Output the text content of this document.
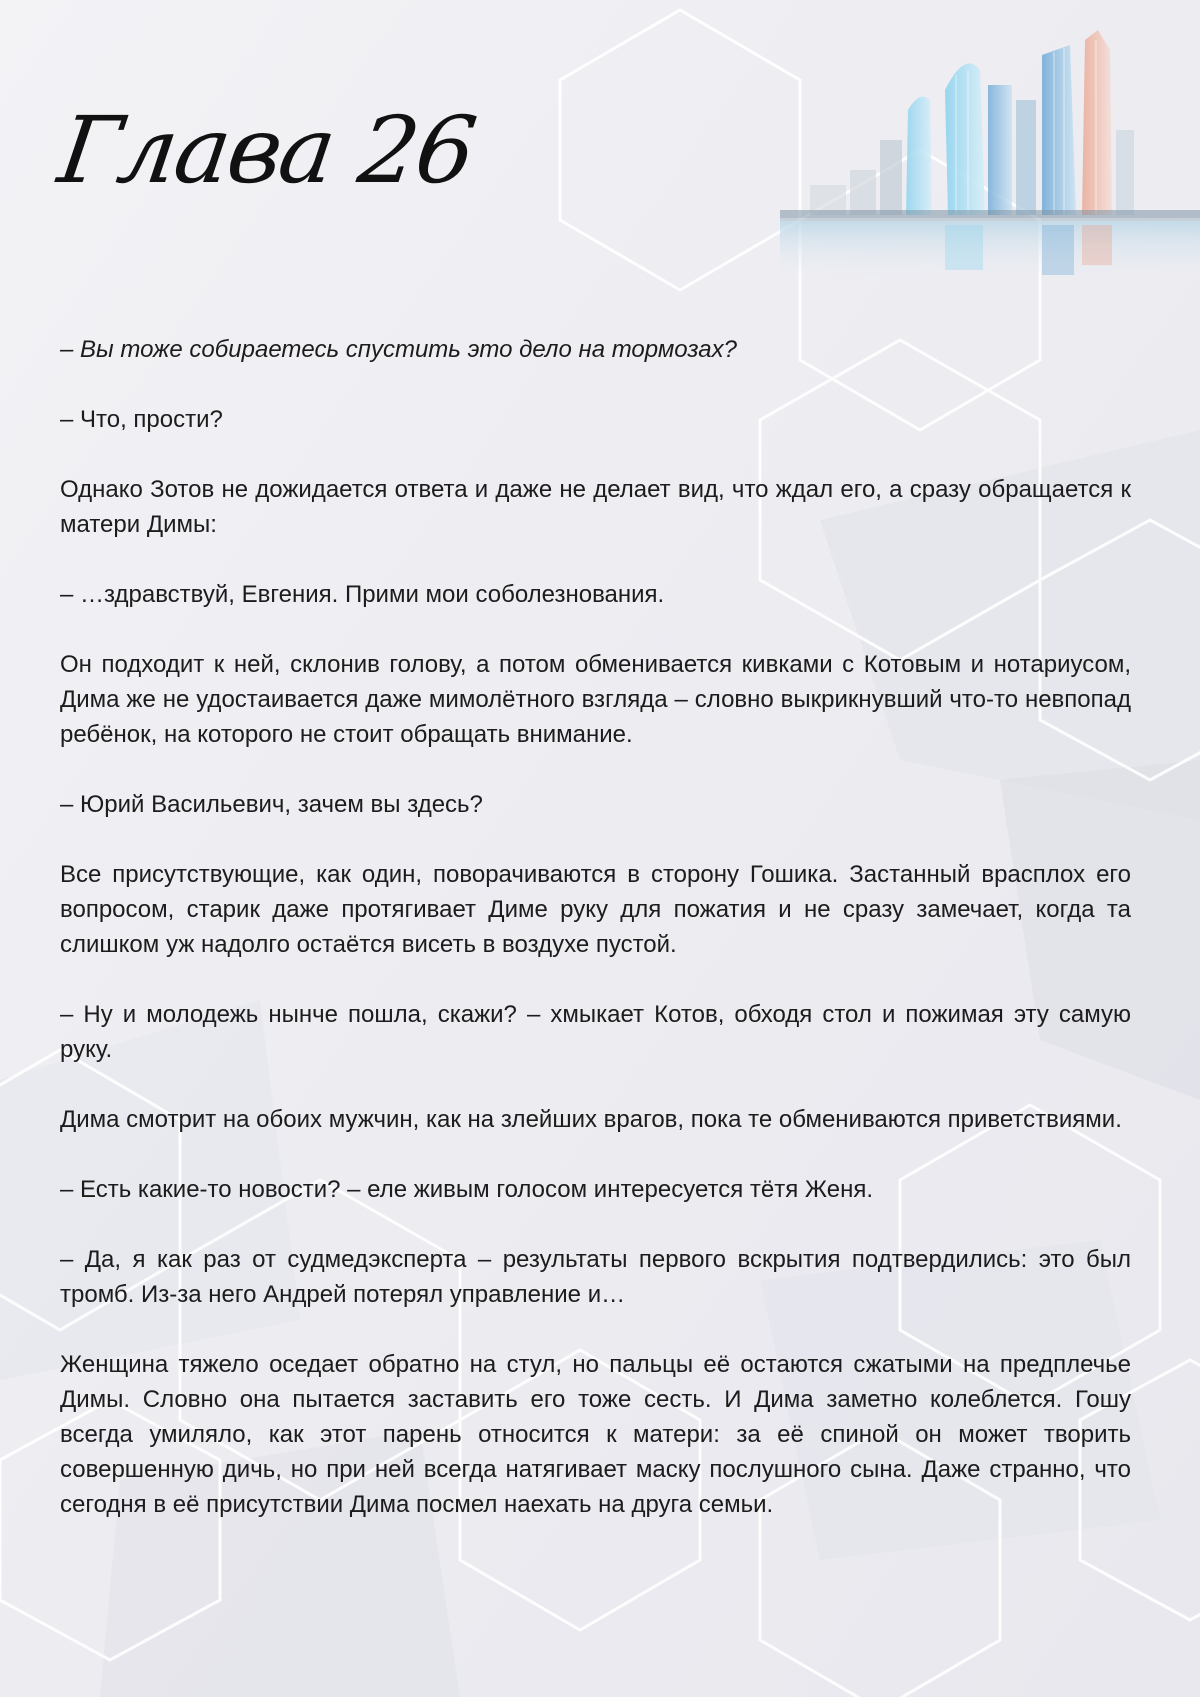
Глава 26

– Вы тоже собираетесь спустить это дело на тормозах?

– Что, прости?

Однако Зотов не дожидается ответа и даже не делает вид, что ждал его, а сразу обращается к матери Димы:

– …здравствуй, Евгения. Прими мои соболезнования.

Он подходит к ней, склонив голову, а потом обменивается кивками с Котовым и нотариусом, Дима же не удостаивается даже мимолётного взгляда – словно выкрикнувший что-то невпопад ребёнок, на которого не стоит обращать внимание.

– Юрий Васильевич, зачем вы здесь?

Все присутствующие, как один, поворачиваются в сторону Гошика. Застанный врасплох его вопросом, старик даже протягивает Диме руку для пожатия и не сразу замечает, когда та слишком уж надолго остаётся висеть в воздухе пустой.

– Ну и молодежь нынче пошла, скажи? – хмыкает Котов, обходя стол и пожимая эту самую руку.

Дима смотрит на обоих мужчин, как на злейших врагов, пока те обмениваются приветствиями.

– Есть какие-то новости? – еле живым голосом интересуется тётя Женя.

– Да, я как раз от судмедэксперта – результаты первого вскрытия подтвердились: это был тромб. Из-за него Андрей потерял управление и…

Женщина тяжело оседает обратно на стул, но пальцы её остаются сжатыми на предплечье Димы. Словно она пытается заставить его тоже сесть. И Дима заметно колеблется. Гошу всегда умиляло, как этот парень относится к матери: за её спиной он может творить совершенную дичь, но при ней всегда натягивает маску послушного сына. Даже странно, что сегодня в её присутствии Дима посмел наехать на друга семьи.
